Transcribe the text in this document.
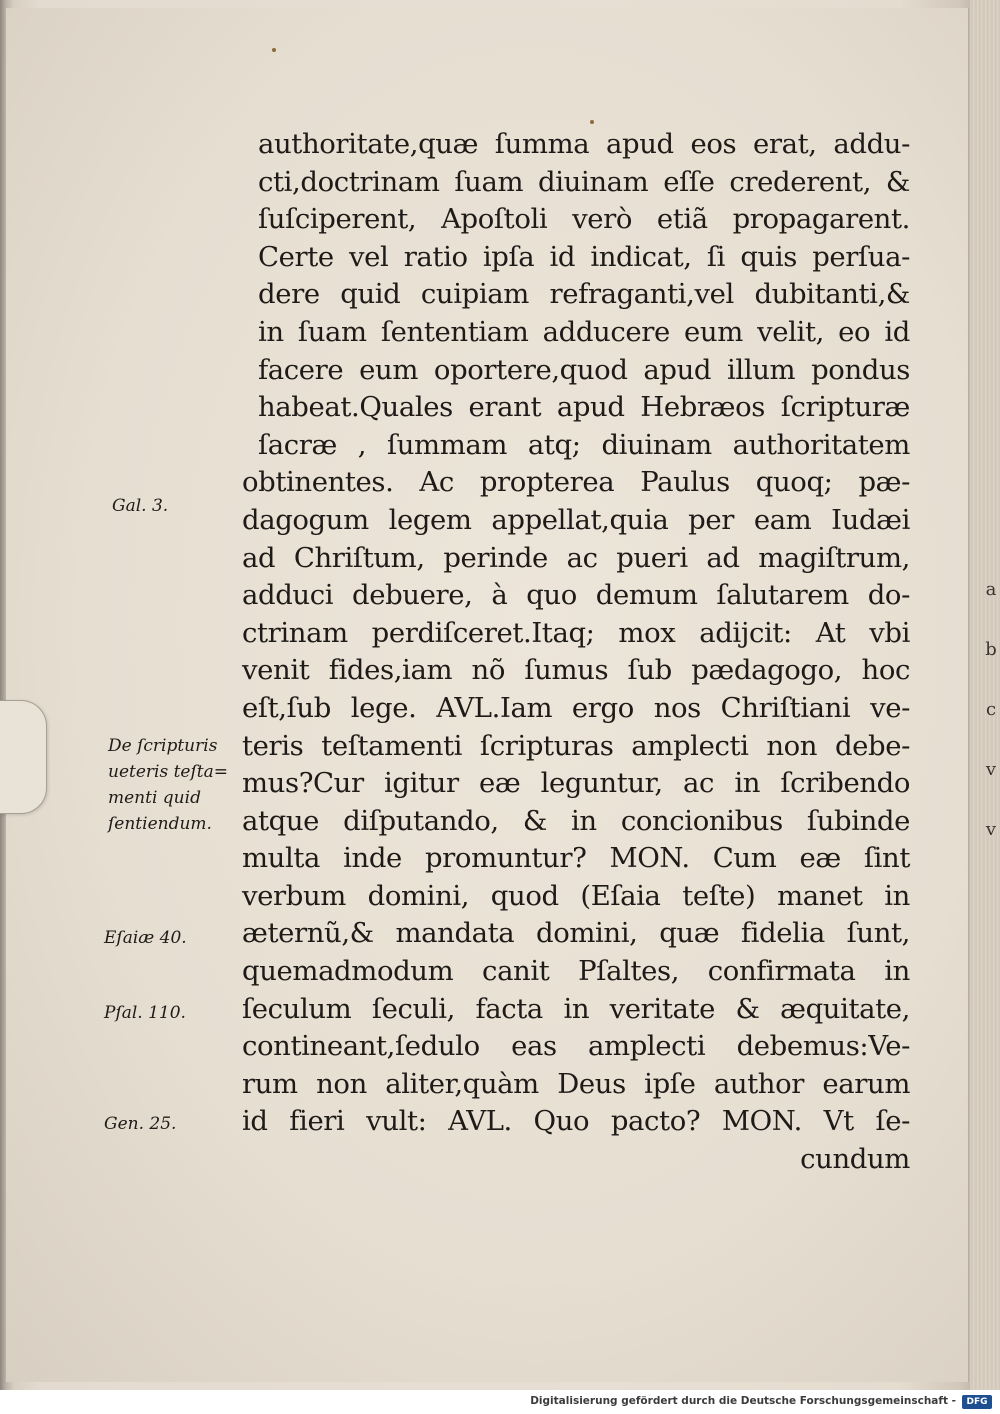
a
b
c
v
v
Gal. 3.
De ſcripturis
ueteris teſta=
menti quid
ſentiendum.
Eſaiæ 40.
Pſal. 110.
Gen. 25.
authoritate,quæ ſumma apud eos erat, addu-
cti,doctrinam ſuam diuinam eſſe crederent, &
ſuſciperent, Apoſtoli verò etiã propagarent.
Certe vel ratio ipſa id indicat, ſi quis perſua-
dere quid cuipiam refraganti,vel dubitanti,&
in ſuam ſententiam adducere eum velit, eo id
facere eum oportere,quod apud illum pondus
habeat.Quales erant apud Hebræos ſcripturæ
ſacræ , ſummam atq; diuinam authoritatem
obtinentes. Ac propterea Paulus quoq; pæ-
dagogum legem appellat,quia per eam Iudæi
ad Chriſtum, perinde ac pueri ad magiſtrum,
adduci debuere, à quo demum ſalutarem do-
ctrinam perdiſceret.Itaq; mox adijcit: At vbi
venit fides,iam nõ ſumus ſub pædagogo, hoc
eſt,ſub lege. AVL.Iam ergo nos Chriſtiani ve-
teris teſtamenti ſcripturas amplecti non debe-
mus?Cur igitur eæ leguntur, ac in ſcribendo
atque diſputando, & in concionibus ſubinde
multa inde promuntur? MON. Cum eæ ſint
verbum domini, quod (Eſaia teſte) manet in
æternũ,& mandata domini, quæ fidelia ſunt,
quemadmodum canit Pſaltes, confirmata in
ſeculum ſeculi, facta in veritate & æquitate,
contineant,ſedulo eas amplecti debemus:Ve-
rum non aliter,quàm Deus ipſe author earum
id fieri vult: AVL. Quo pacto? MON. Vt ſe-
cundum
Digitalisierung gefördert durch die Deutsche Forschungsgemeinschaft -	DFG
